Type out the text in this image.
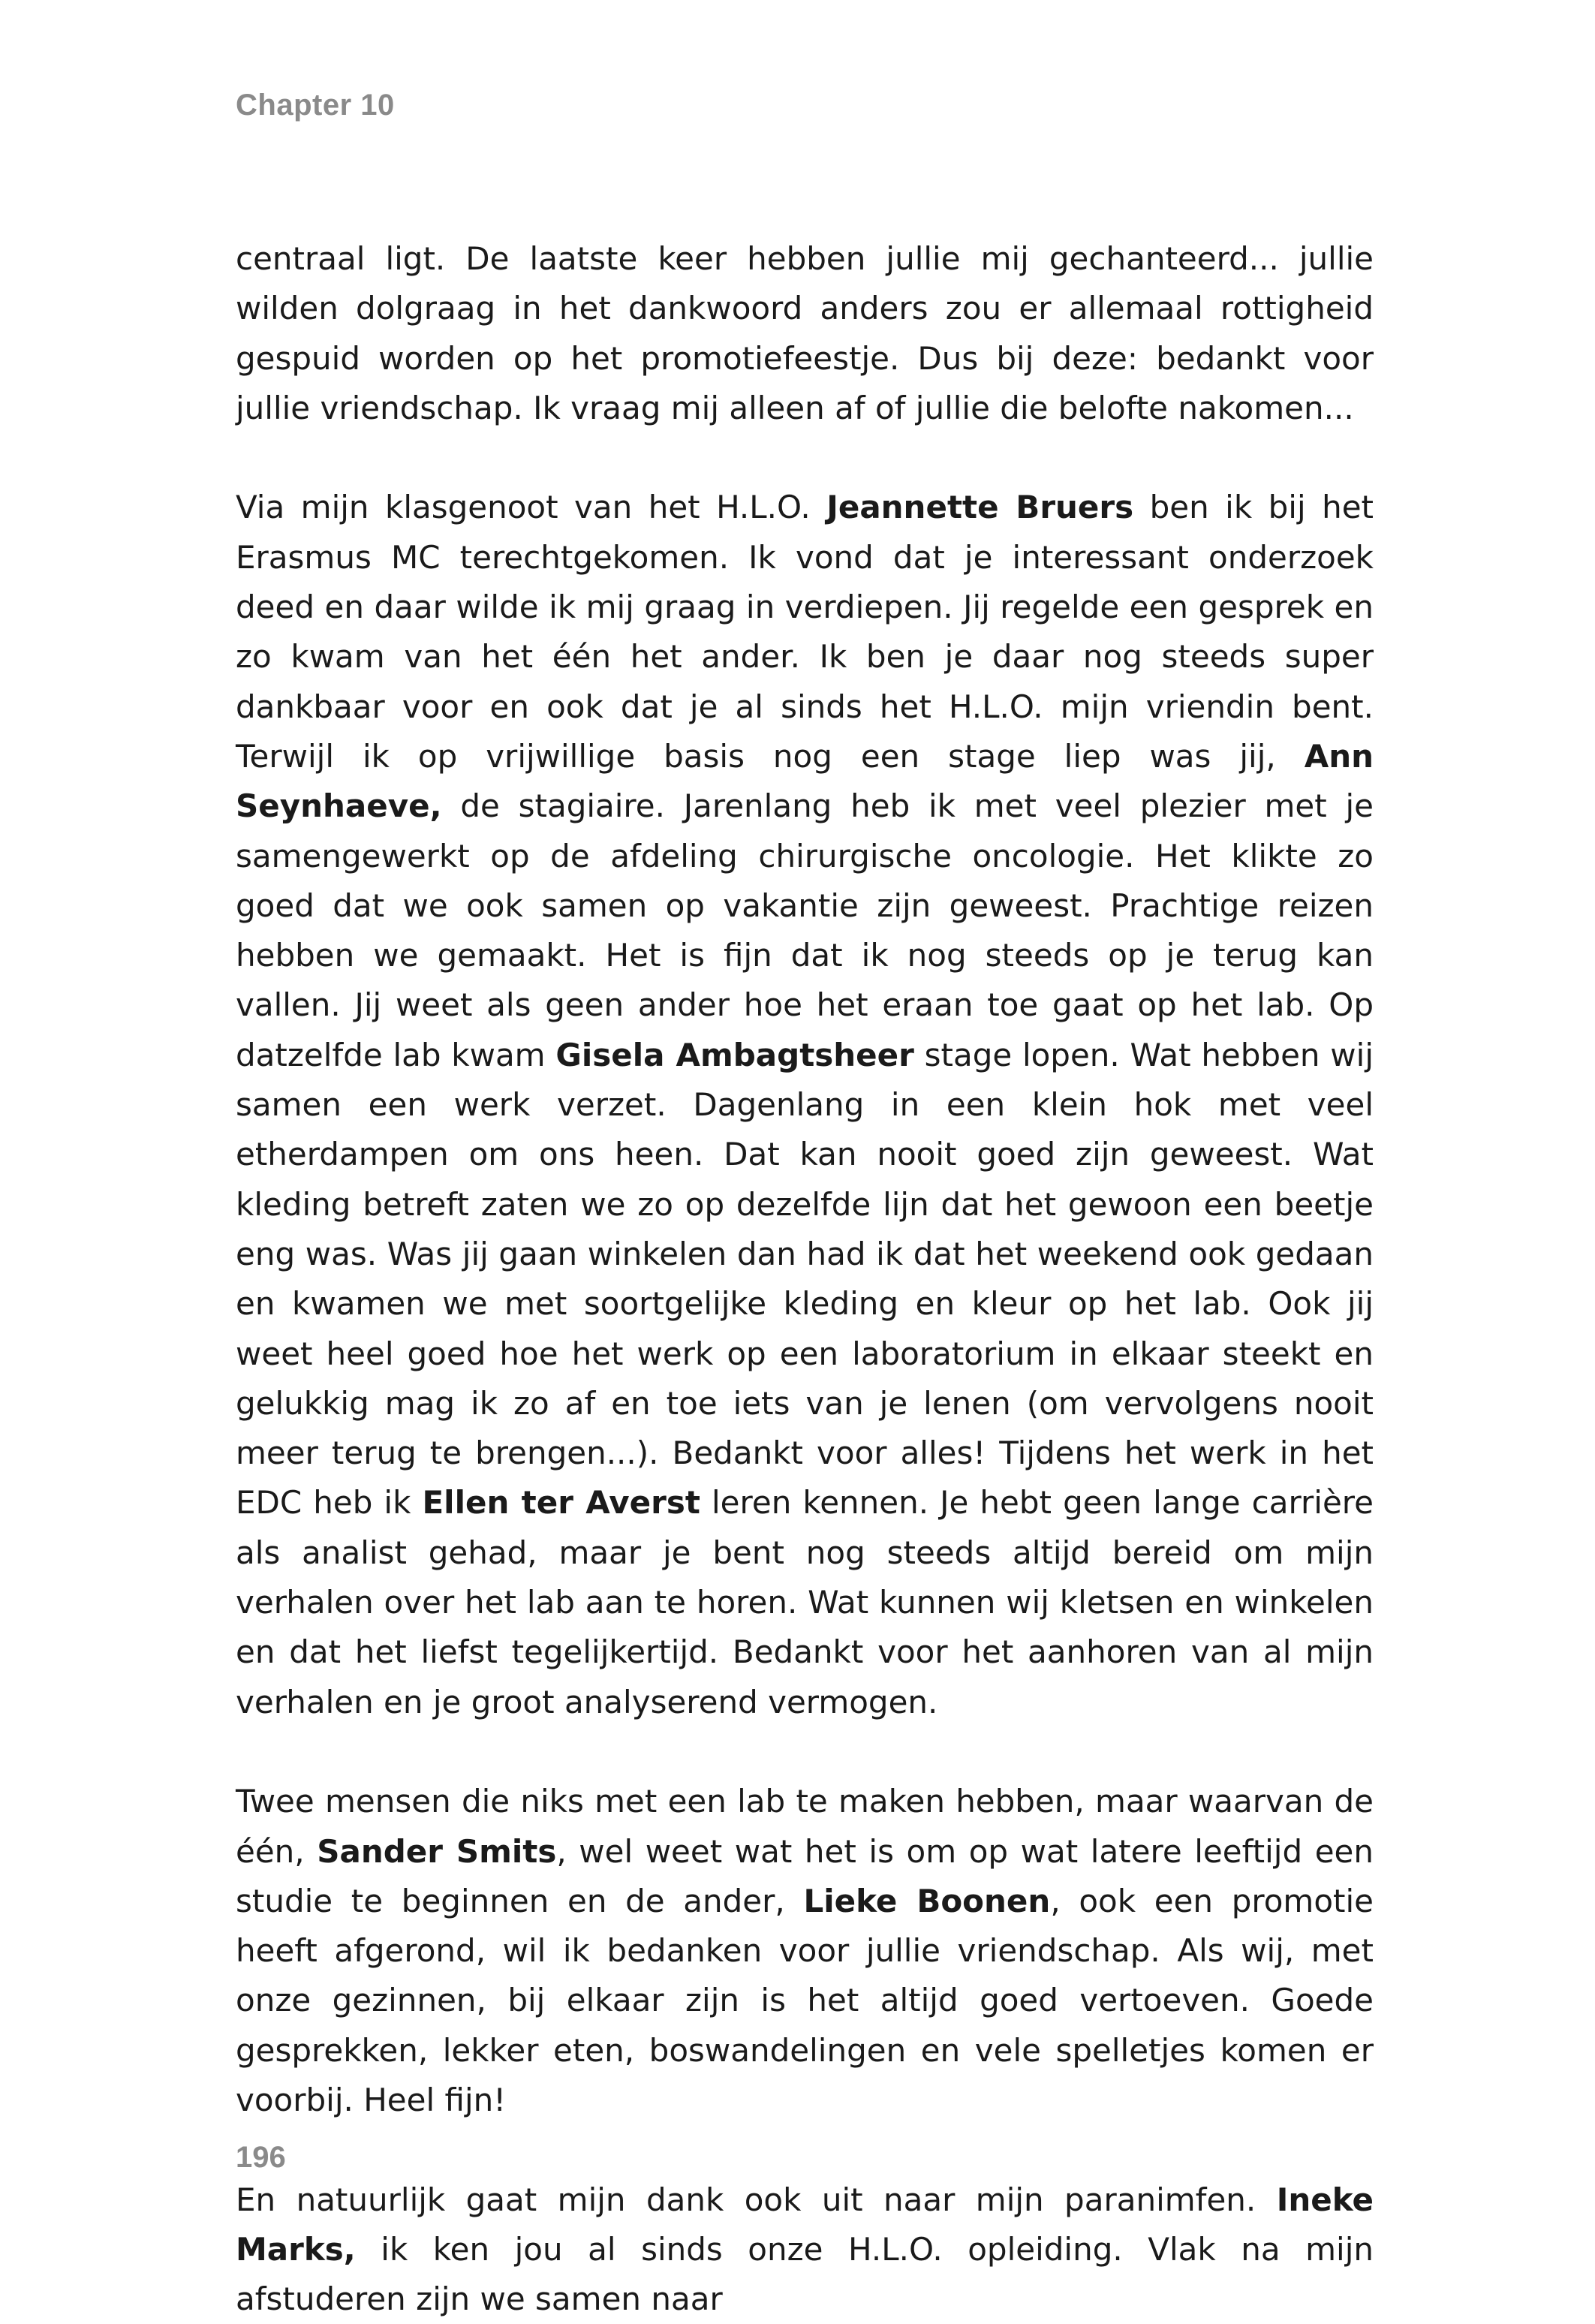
Chapter 10

centraal ligt. De laatste keer hebben jullie mij gechanteerd... jullie wilden dolgraag in het dankwoord anders zou er allemaal rottigheid gespuid worden op het promotiefeestje. Dus bij deze: bedankt voor jullie vriendschap. Ik vraag mij alleen af of jullie die belofte nakomen...

Via mijn klasgenoot van het H.L.O. Jeannette Bruers ben ik bij het Erasmus MC terechtgekomen. Ik vond dat je interessant onderzoek deed en daar wilde ik mij graag in verdiepen. Jij regelde een gesprek en zo kwam van het één het ander. Ik ben je daar nog steeds super dankbaar voor en ook dat je al sinds het H.L.O. mijn vriendin bent. Terwijl ik op vrijwillige basis nog een stage liep was jij, Ann Seynhaeve, de stagiaire. Jarenlang heb ik met veel plezier met je samengewerkt op de afdeling chirurgische oncologie. Het klikte zo goed dat we ook samen op vakantie zijn geweest. Prachtige reizen hebben we gemaakt. Het is fijn dat ik nog steeds op je terug kan vallen. Jij weet als geen ander hoe het eraan toe gaat op het lab. Op datzelfde lab kwam Gisela Ambagtsheer stage lopen. Wat hebben wij samen een werk verzet. Dagenlang in een klein hok met veel etherdampen om ons heen. Dat kan nooit goed zijn geweest. Wat kleding betreft zaten we zo op dezelfde lijn dat het gewoon een beetje eng was. Was jij gaan winkelen dan had ik dat het weekend ook gedaan en kwamen we met soortgelijke kleding en kleur op het lab. Ook jij weet heel goed hoe het werk op een laboratorium in elkaar steekt en gelukkig mag ik zo af en toe iets van je lenen (om vervolgens nooit meer terug te brengen...). Bedankt voor alles! Tijdens het werk in het EDC heb ik Ellen ter Averst leren kennen. Je hebt geen lange carrière als analist gehad, maar je bent nog steeds altijd bereid om mijn verhalen over het lab aan te horen. Wat kunnen wij kletsen en winkelen en dat het liefst tegelijkertijd. Bedankt voor het aanhoren van al mijn verhalen en je groot analyserend vermogen.

Twee mensen die niks met een lab te maken hebben, maar waarvan de één, Sander Smits, wel weet wat het is om op wat latere leeftijd een studie te beginnen en de ander, Lieke Boonen, ook een promotie heeft afgerond, wil ik bedanken voor jullie vriendschap. Als wij, met onze gezinnen, bij elkaar zijn is het altijd goed vertoeven. Goede gesprekken, lekker eten, boswandelingen en vele spelletjes komen er voorbij. Heel fijn!

En natuurlijk gaat mijn dank ook uit naar mijn paranimfen. Ineke Marks, ik ken jou al sinds onze H.L.O. opleiding. Vlak na mijn afstuderen zijn we samen naar

196
